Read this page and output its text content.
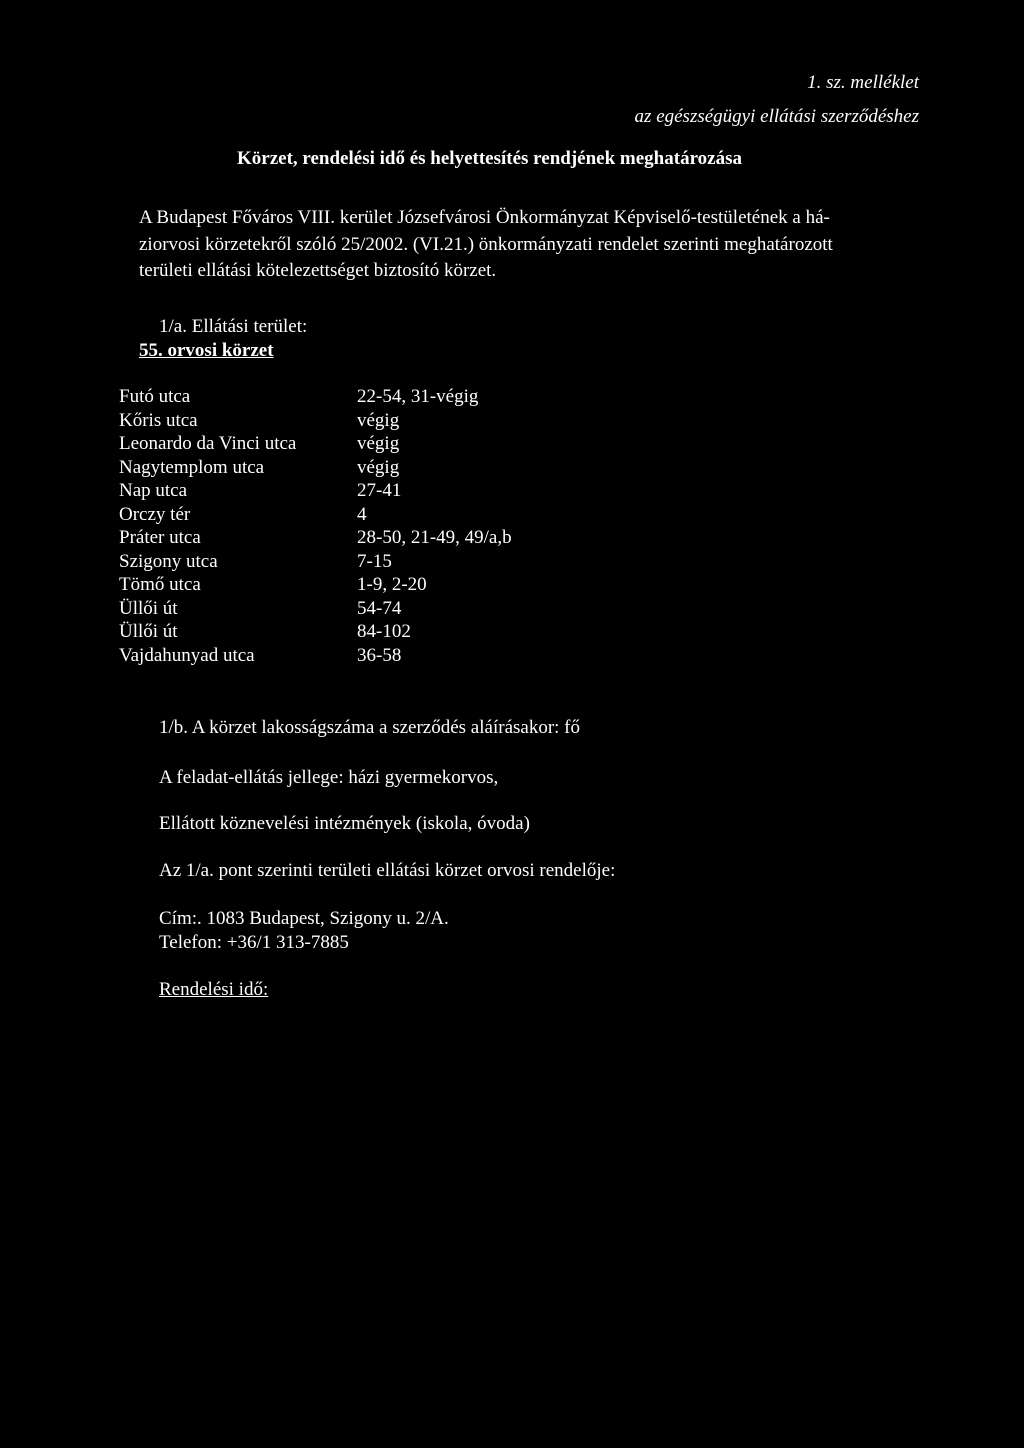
1. sz. melléklet
az egészségügyi ellátási szerződéshez
Körzet, rendelési idő és helyettesítés rendjének meghatározása
A Budapest Főváros VIII. kerület Józsefvárosi Önkormányzat Képviselő-testületének a há-
ziorvosi körzetekről szóló 25/2002. (VI.21.) önkormányzati rendelet szerinti meghatározott
területi ellátási kötelezettséget biztosító körzet.
1/a. Ellátási terület:
55. orvosi körzet
Futó utca	22-54, 31-végig
Kőris utca	végig
Leonardo da Vinci utca	végig
Nagytemplom utca	végig
Nap utca	27-41
Orczy tér	4
Práter utca	28-50, 21-49, 49/a,b
Szigony utca	7-15
Tömő utca	1-9, 2-20
Üllői út	54-74
Üllői út	84-102
Vajdahunyad utca	36-58
1/b. A körzet lakosságszáma a szerződés aláírásakor: fő
A feladat-ellátás jellege: házi gyermekorvos,
Ellátott köznevelési intézmények (iskola, óvoda)
Az 1/a. pont szerinti területi ellátási körzet orvosi rendelője:
Cím:. 1083 Budapest, Szigony u. 2/A.
Telefon: +36/1 313-7885
Rendelési idő:
